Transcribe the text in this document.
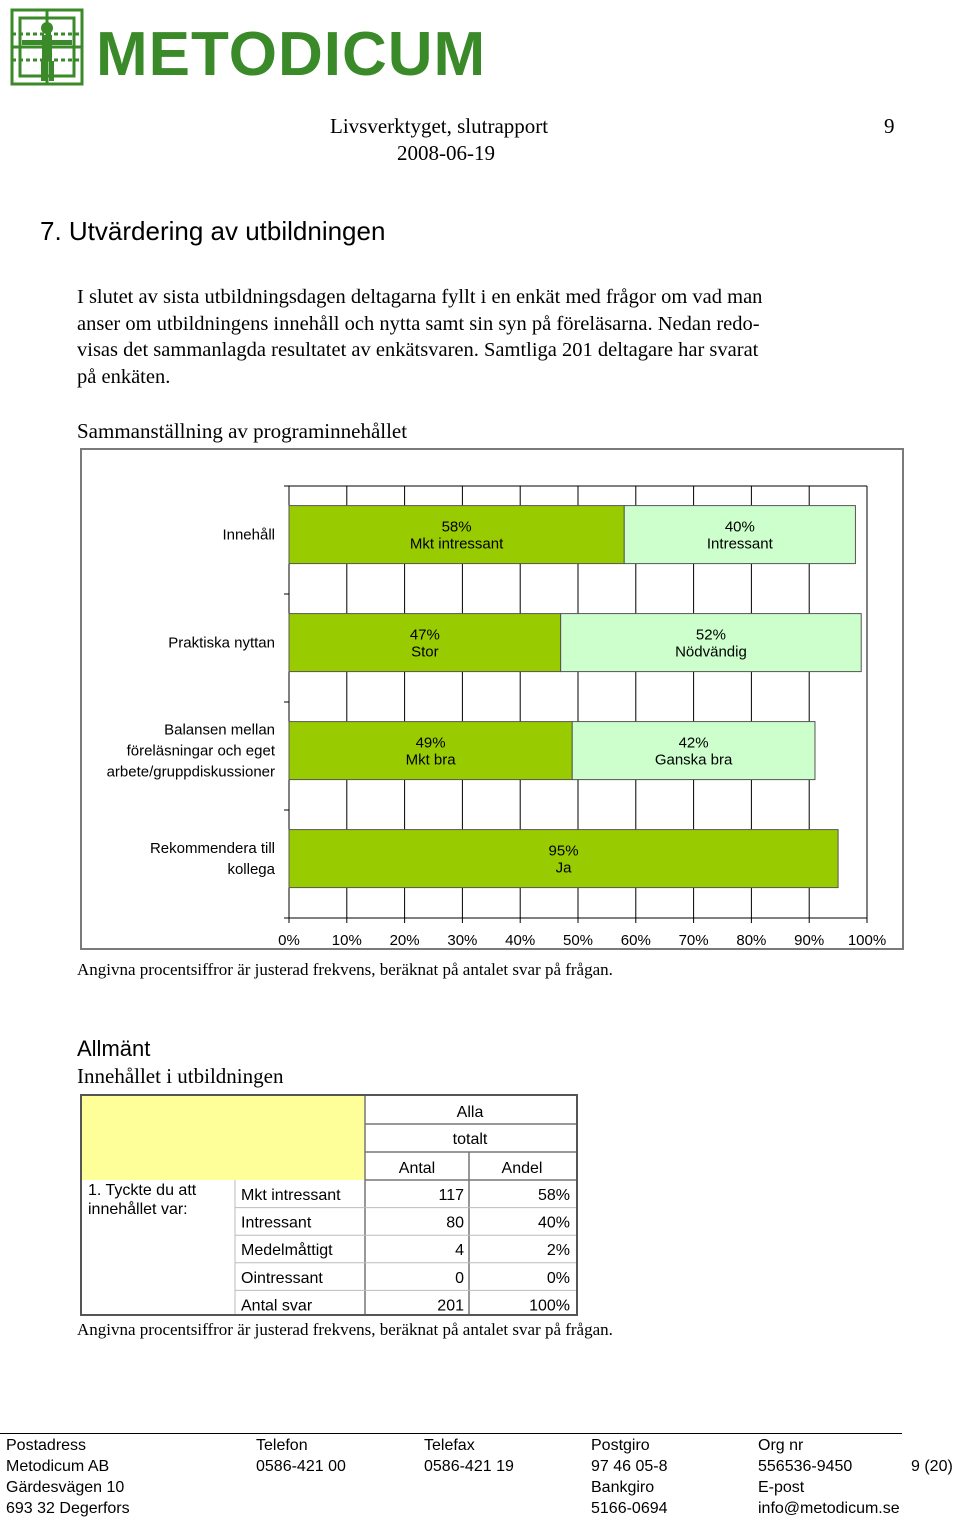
METODICUM
Livsverktyget, slutrapport
2008-06-19
9
7. Utvärdering av utbildningen
I slutet av sista utbildningsdagen deltagarna fyllt i en enkät med frågor om vad man
anser om utbildningens innehåll och nytta samt sin syn på föreläsarna. Nedan redo-
visas det sammanlagda resultatet av enkätsvaren. Samtliga 201 deltagare har svarat
på enkäten.
Sammanställning av programinnehållet
0% 10% 20% 30% 40% 50% 60% 70% 80% 90% 100%
58%
Mkt intressant
40%
Intressant
Innehåll
47%
Stor
52%
Nödvändig
Praktiska nyttan
49%
Mkt bra
42%
Ganska bra
Balansen mellan
föreläsningar och eget
arbete/gruppdiskussioner
95%
Ja
Rekommendera till
kollega
Angivna procentsiffror är justerad frekvens, beräknat på antalet svar på frågan.
Allmänt
Innehållet i utbildningen
Alla
totalt
Antal	Andel
1. Tyckte du att
innehållet var:
Mkt intressant	117	58%
Intressant	80	40%
Medelmåttigt	4	2%
Ointressant	0	0%
Antal svar	201	100%
Angivna procentsiffror är justerad frekvens, beräknat på antalet svar på frågan.
Postadress
Metodicum AB
Gärdesvägen 10
693 32 Degerfors
Telefon
0586-421 00
Telefax
0586-421 19
Postgiro
97 46 05-8
Bankgiro
5166-0694
Org nr
556536-9450
E-post
info@metodicum.se
9 (20)
